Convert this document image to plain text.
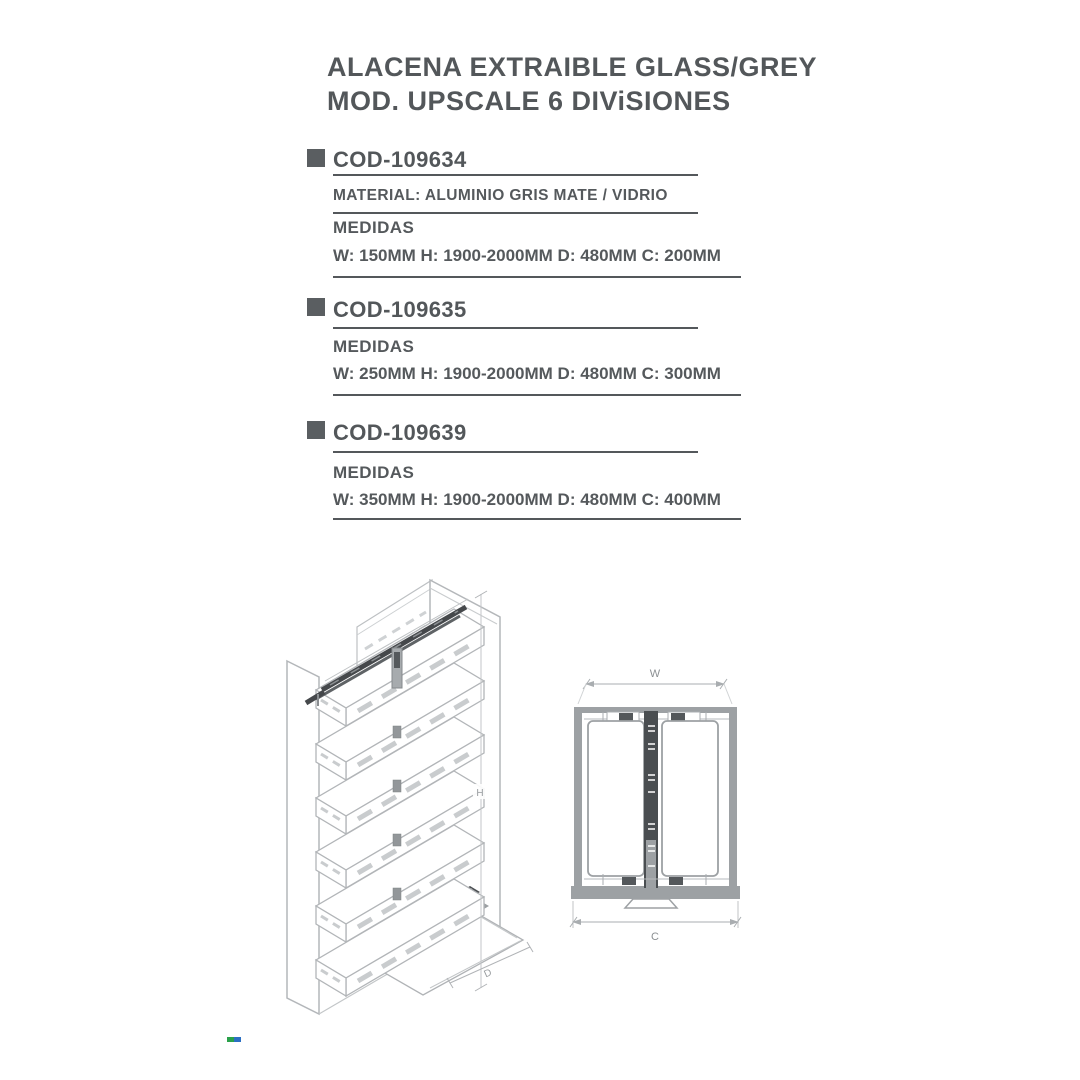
ALACENA EXTRAIBLE GLASS/GREY
MOD. UPSCALE 6 DIViSIONES
COD-109634
MATERIAL: ALUMINIO GRIS MATE / VIDRIO
MEDIDAS
W: 150MM H: 1900-2000MM D: 480MM C: 200MM
COD-109635
MEDIDAS
W: 250MM H: 1900-2000MM D: 480MM C: 300MM
COD-109639
MEDIDAS
W: 350MM H: 1900-2000MM D: 480MM C: 400MM
H
D
W
C
